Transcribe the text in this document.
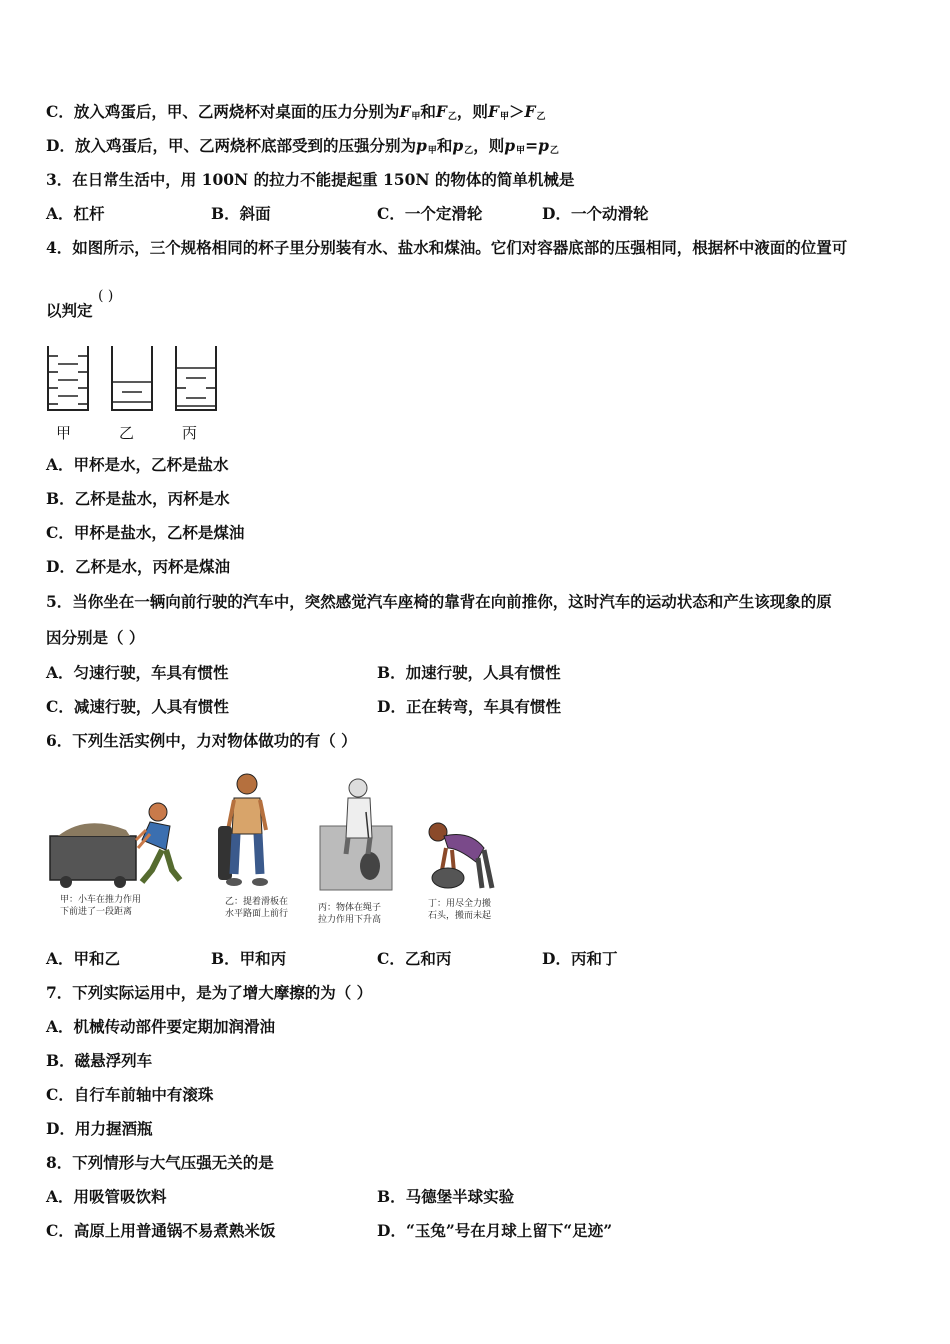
C．放入鸡蛋后，甲、乙两烧杯对桌面的压力分别为$F_甲$和$F_乙$，则$F_甲>F_乙$
D．放入鸡蛋后，甲、乙两烧杯底部受到的压强分别为$p_甲$和$p_乙$，则$p_甲=p_乙$
3．在日常生活中，用 100N 的拉力不能提起重 150N 的物体的简单机械是
A．杠杆	B．斜面	C．一个定滑轮	D．一个动滑轮
4．如图所示，三个规格相同的杯子里分别装有水、盐水和煤油。它们对容器底部的压强相同，根据杯中液面的位置可
以判定
( )
甲	乙	丙
A．甲杯是水，乙杯是盐水
B．乙杯是盐水，丙杯是水
C．甲杯是盐水，乙杯是煤油
D．乙杯是水，丙杯是煤油
5．当你坐在一辆向前行驶的汽车中，突然感觉汽车座椅的靠背在向前推你，这时汽车的运动状态和产生该现象的原
因分别是（ ）
A．匀速行驶，车具有惯性	B．加速行驶，人具有惯性
C．减速行驶，人具有惯性	D．正在转弯，车具有惯性
6．下列生活实例中，力对物体做功的有（ ）
甲：小车在推力作用
下前进了一段距离
乙：提着滑板在
水平路面上前行
丙：物体在绳子
拉力作用下升高
丁：用尽全力搬
石头，搬而未起
A．甲和乙	B．甲和丙	C．乙和丙	D．丙和丁
7．下列实际运用中，是为了增大摩擦的为（ ）
A．机械传动部件要定期加润滑油
B．磁悬浮列车
C．自行车前轴中有滚珠
D．用力握酒瓶
8．下列情形与大气压强无关的是
A．用吸管吸饮料	B．马德堡半球实验
C．高原上用普通锅不易煮熟米饭	D．“玉兔”号在月球上留下“足迹”
